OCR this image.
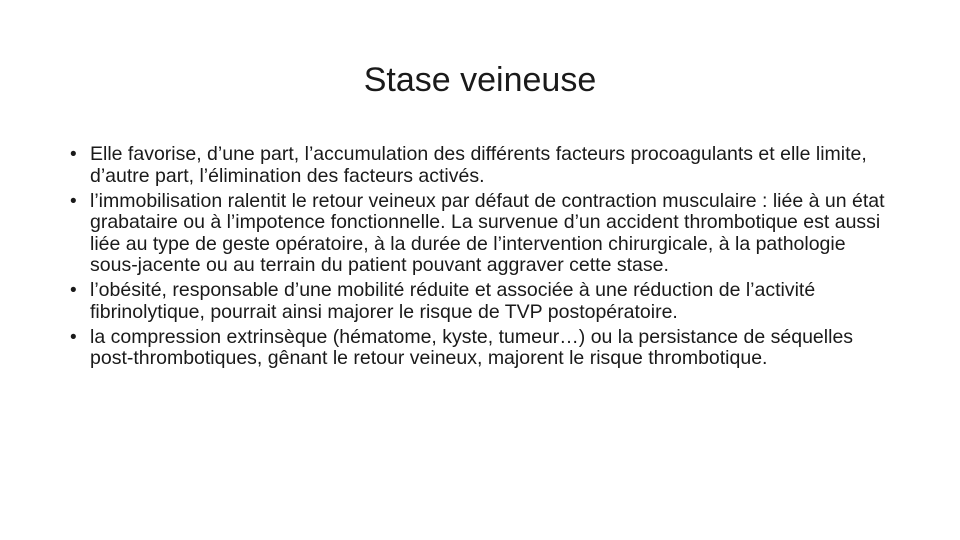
Stase veineuse
• Elle favorise, d’une part, l’accumulation des différents facteurs procoagulants et elle limite, d’autre part, l’élimination des facteurs activés.
• l’immobilisation ralentit le retour veineux par défaut de contraction musculaire : liée à un état grabataire ou à l’impotence fonctionnelle. La survenue d’un accident thrombotique est aussi liée au type de geste opératoire, à la durée de l’intervention chirurgicale, à la pathologie sous-jacente ou au terrain du patient pouvant aggraver cette stase.
• l’obésité, responsable d’une mobilité réduite et associée à une réduction de l’activité fibrinolytique, pourrait ainsi majorer le risque de TVP postopératoire.
• la compression extrinsèque (hématome, kyste, tumeur…) ou la persistance de séquelles post-thrombotiques, gênant le retour veineux, majorent le risque thrombotique.
